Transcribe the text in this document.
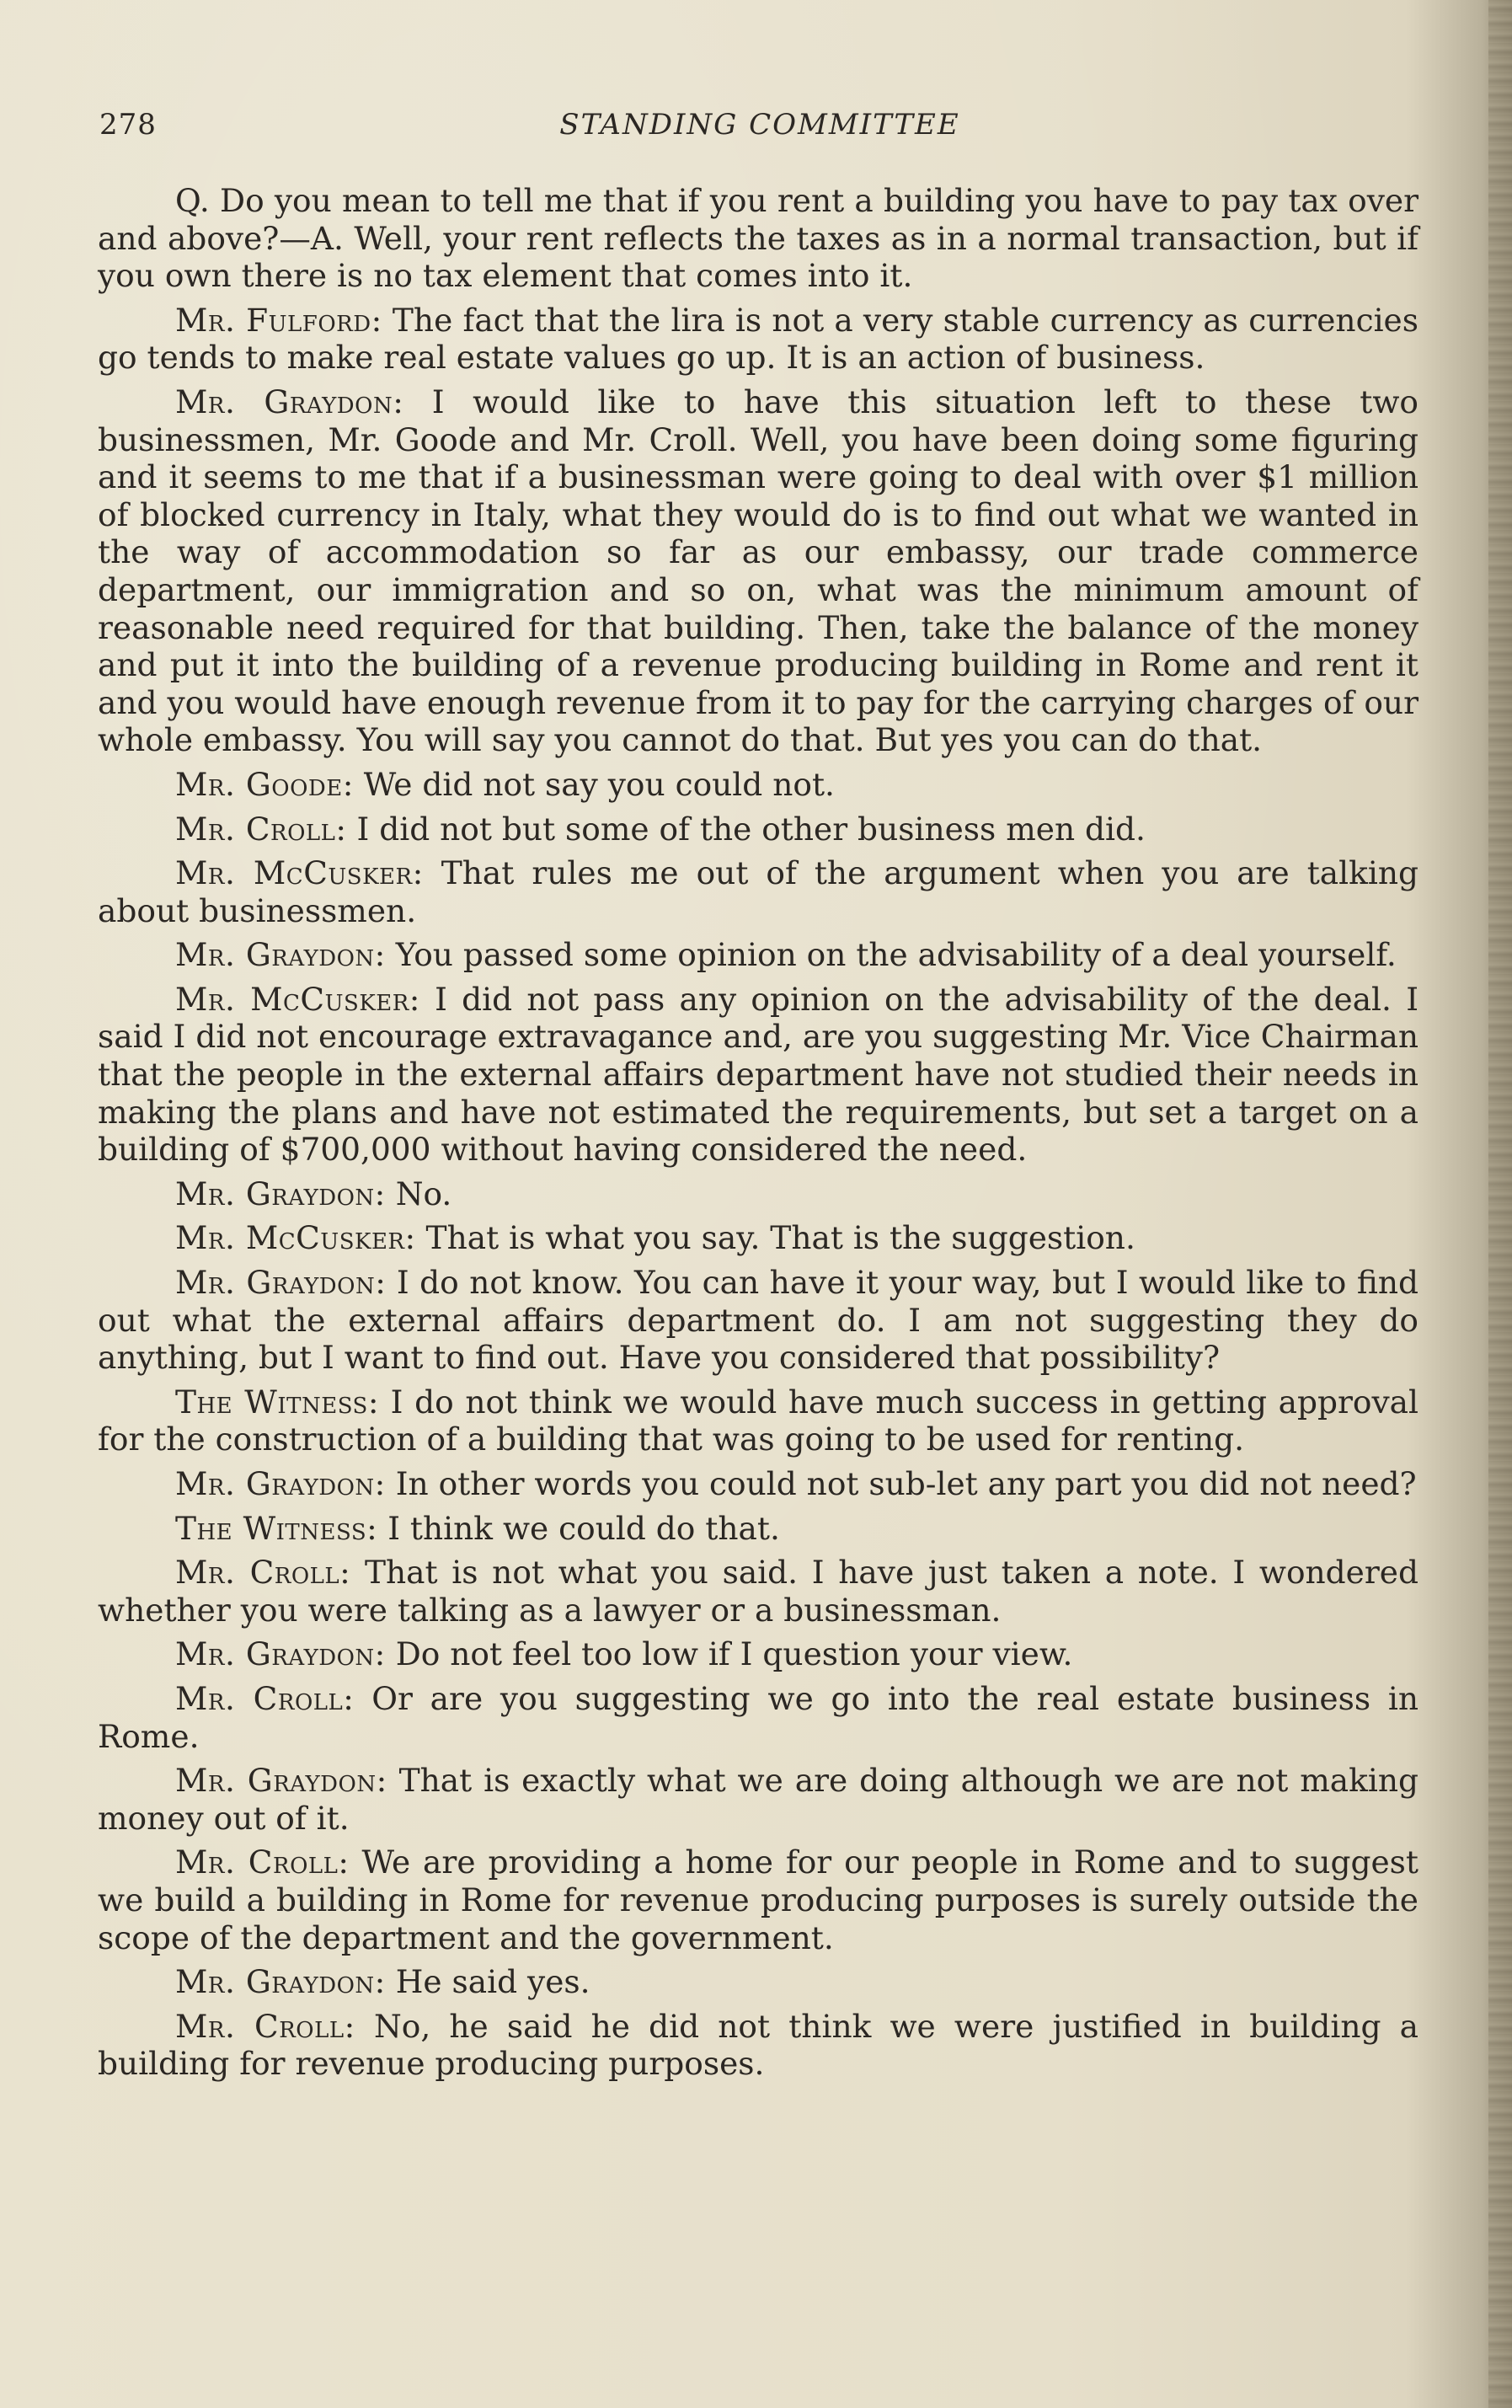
278	STANDING COMMITTEE

Q. Do you mean to tell me that if you rent a building you have to pay tax over and above?—A. Well, your rent reflects the taxes as in a normal transaction, but if you own there is no tax element that comes into it.

Mr. Fulford: The fact that the lira is not a very stable currency as currencies go tends to make real estate values go up. It is an action of business.

Mr. Graydon: I would like to have this situation left to these two businessmen, Mr. Goode and Mr. Croll. Well, you have been doing some figuring and it seems to me that if a businessman were going to deal with over $1 million of blocked currency in Italy, what they would do is to find out what we wanted in the way of accommodation so far as our embassy, our trade commerce department, our immigration and so on, what was the minimum amount of reasonable need required for that building. Then, take the balance of the money and put it into the building of a revenue producing building in Rome and rent it and you would have enough revenue from it to pay for the carrying charges of our whole embassy. You will say you cannot do that. But yes you can do that.

Mr. Goode: We did not say you could not.

Mr. Croll: I did not but some of the other business men did.

Mr. McCusker: That rules me out of the argument when you are talking about businessmen.

Mr. Graydon: You passed some opinion on the advisability of a deal yourself.

Mr. McCusker: I did not pass any opinion on the advisability of the deal. I said I did not encourage extravagance and, are you suggesting Mr. Vice Chairman that the people in the external affairs department have not studied their needs in making the plans and have not estimated the requirements, but set a target on a building of $700,000 without having considered the need.

Mr. Graydon: No.

Mr. McCusker: That is what you say. That is the suggestion.

Mr. Graydon: I do not know. You can have it your way, but I would like to find out what the external affairs department do. I am not suggesting they do anything, but I want to find out. Have you considered that possibility?

The Witness: I do not think we would have much success in getting approval for the construction of a building that was going to be used for renting.

Mr. Graydon: In other words you could not sub-let any part you did not need?

The Witness: I think we could do that.

Mr. Croll: That is not what you said. I have just taken a note. I wondered whether you were talking as a lawyer or a businessman.

Mr. Graydon: Do not feel too low if I question your view.

Mr. Croll: Or are you suggesting we go into the real estate business in Rome.

Mr. Graydon: That is exactly what we are doing although we are not making money out of it.

Mr. Croll: We are providing a home for our people in Rome and to suggest we build a building in Rome for revenue producing purposes is surely outside the scope of the department and the government.

Mr. Graydon: He said yes.

Mr. Croll: No, he said he did not think we were justified in building a building for revenue producing purposes.
